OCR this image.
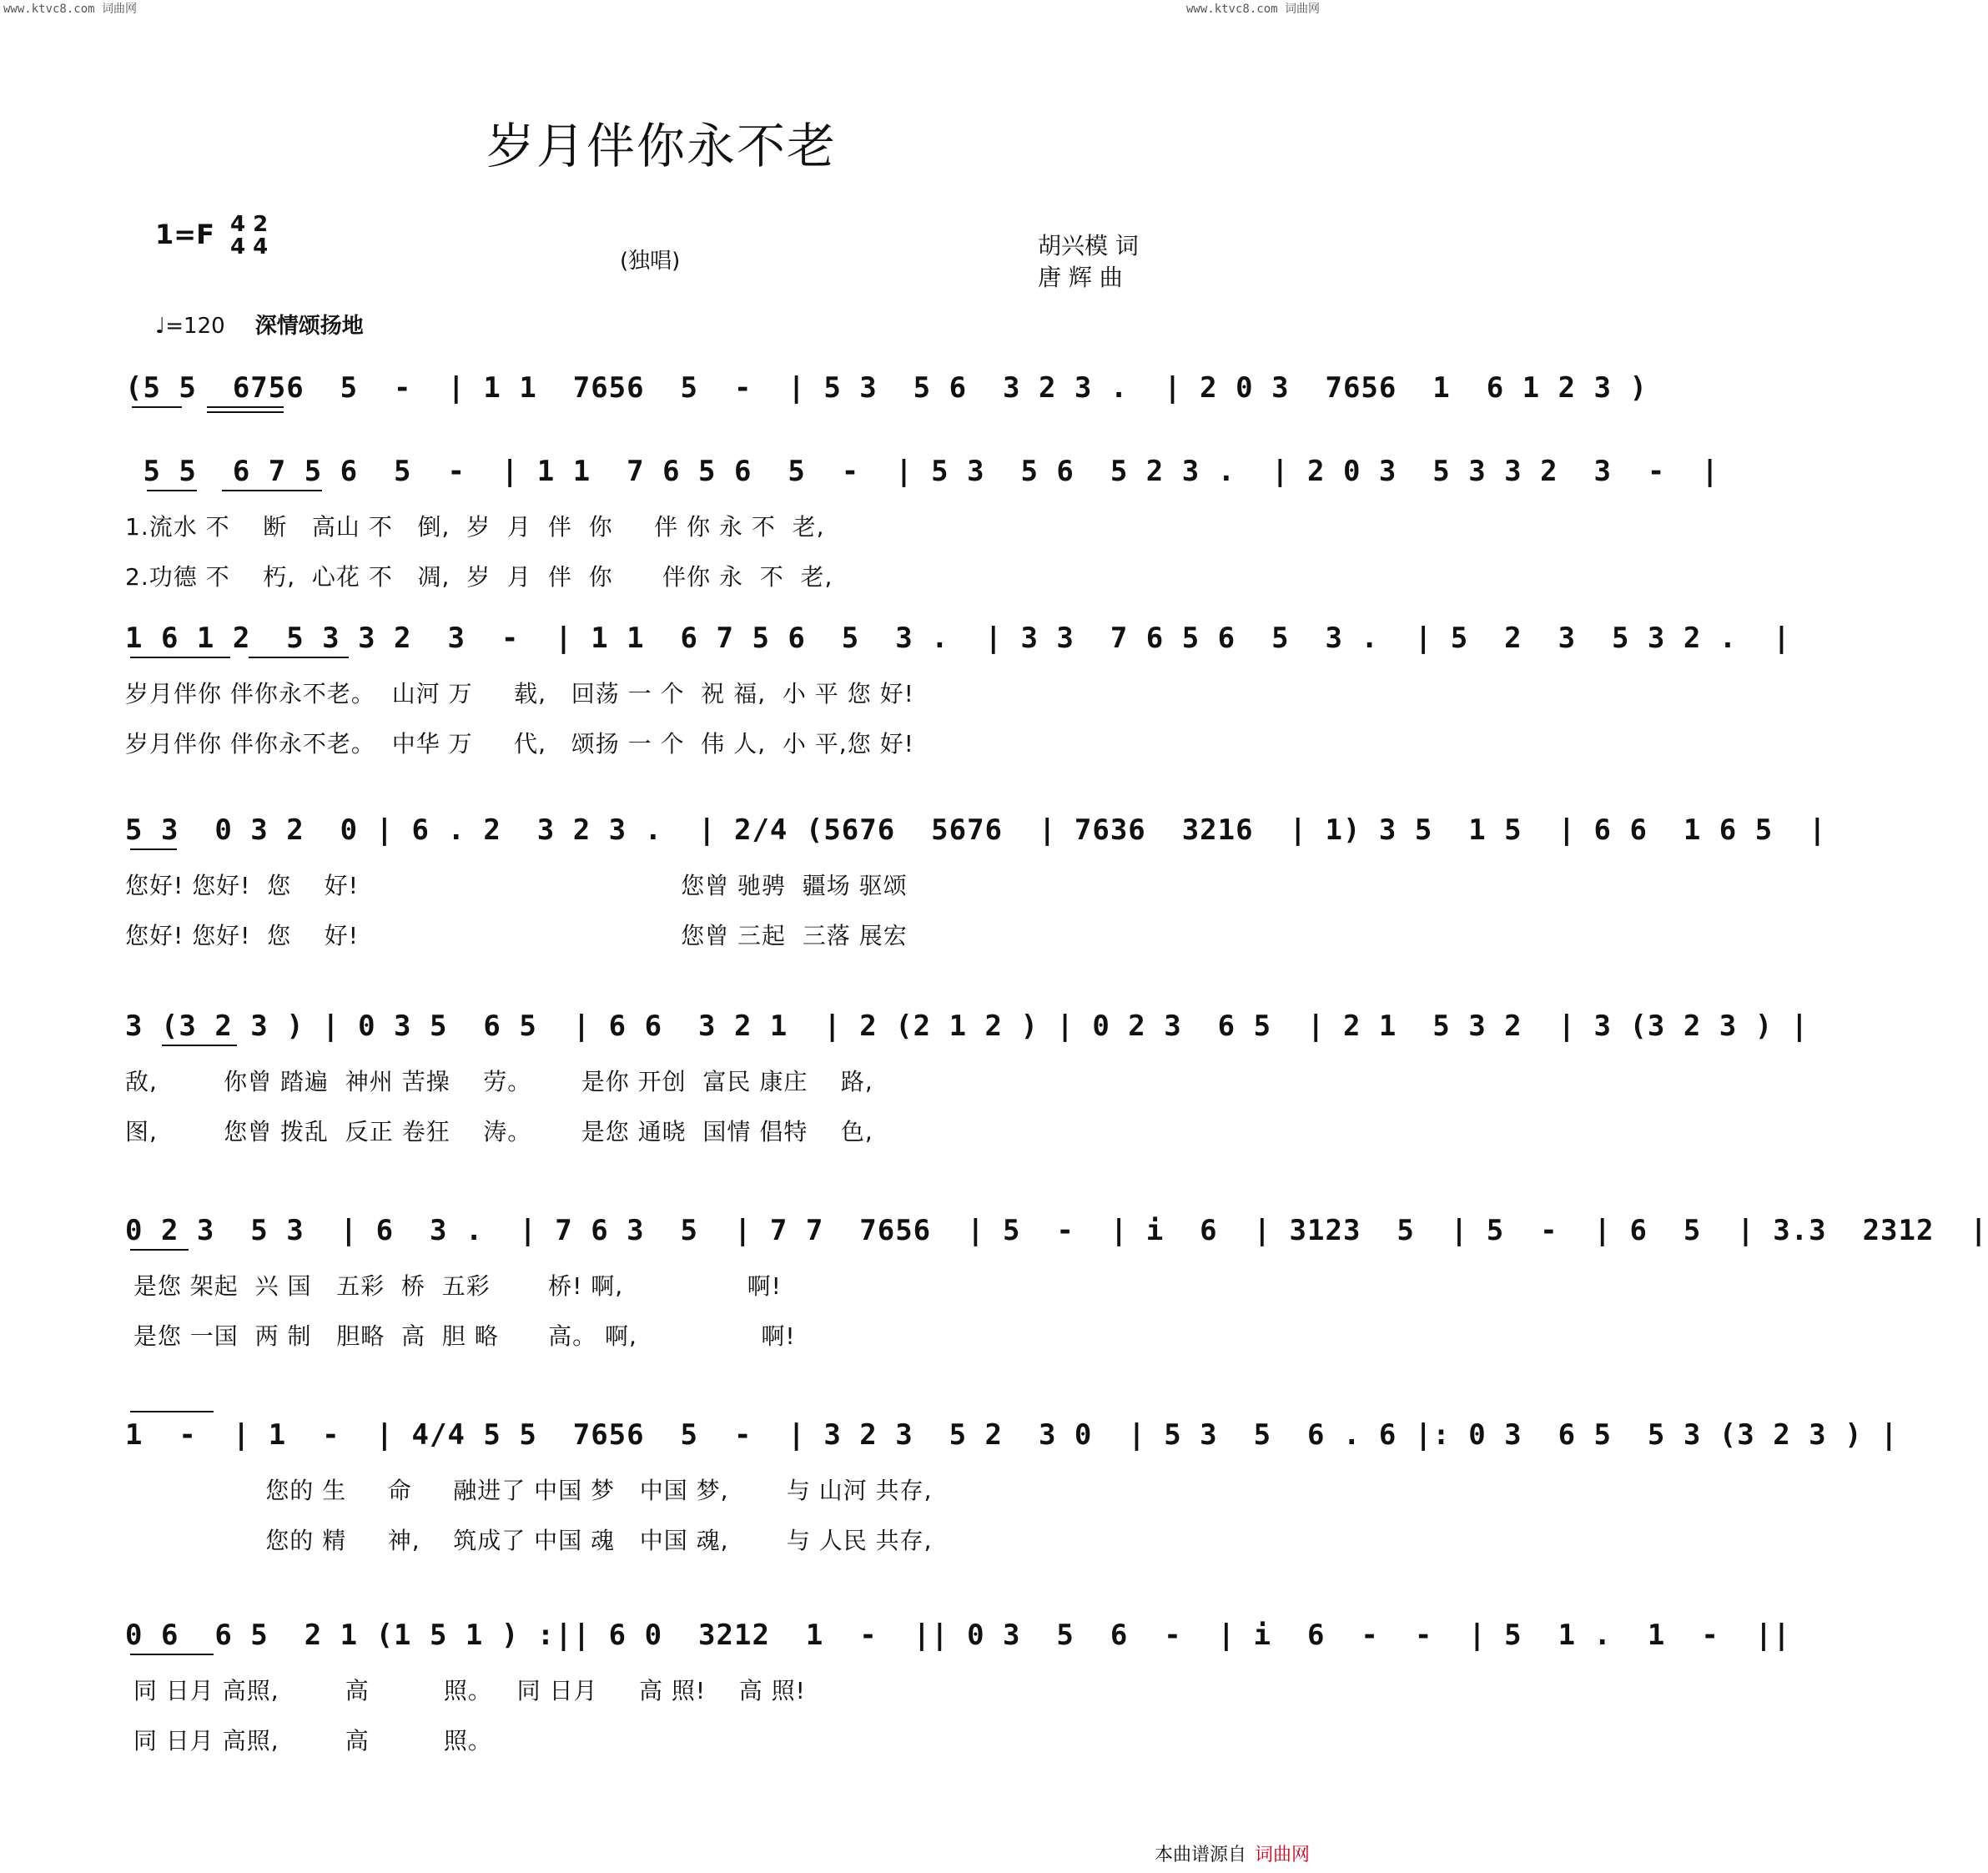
www.ktvc8.com 词曲网	www.ktvc8.com 词曲网
岁月伴你永不老
1=F 4 2
4 4
(独唱)
胡兴模 词
唐 辉 曲
♩=120 深情颂扬地
(5 5  6756  5  -  | 1 1  7656  5  -  | 5 3  5 6  3 2 3 .  | 2 0 3  7656  1  6 1 2 3 )
5 5  6 7 5 6  5  -  | 1 1  7 6 5 6  5  -  | 5 3  5 6  5 2 3 .  | 2 0 3  5 3 3 2  3  -  |
1.流水 不    断   高山 不   倒,  岁  月  伴  你     伴 你 永 不  老,
2.功德 不    朽,  心花 不   凋,  岁  月  伴  你      伴你 永  不  老,
1 6 1 2  5 3 3 2  3  -  | 1 1  6 7 5 6  5  3 .  | 3 3  7 6 5 6  5  3 .  | 5  2  3  5 3 2 .  |
岁月伴你 伴你永不老。  山河 万     载,   回荡 一 个  祝 福,  小 平 您 好!
岁月伴你 伴你永不老。  中华 万     代,   颂扬 一 个  伟 人,  小 平,您 好!
5 3  0 3 2  0 | 6 . 2  3 2 3 .  | 2/4 (5676  5676  | 7636  3216  | 1) 3 5  1 5  | 6 6  1 6 5  |
您好! 您好!  您    好!                                       您曾 驰骋  疆场 驱颂
您好! 您好!  您    好!                                       您曾 三起  三落 展宏
3 (3 2 3 ) | 0 3 5  6 5  | 6 6  3 2 1  | 2 (2 1 2 ) | 0 2 3  6 5  | 2 1  5 3 2  | 3 (3 2 3 ) |
敌,        你曾 踏遍  神州 苦操    劳。      是你 开创  富民 康庄    路,
图,        您曾 拨乱  反正 卷狂    涛。      是您 通晓  国情 倡特    色,
0 2 3  5 3  | 6  3 .  | 7 6 3  5  | 7 7  7656  | 5  -  | i  6  | 3123  5  | 5  -  | 6  5  | 3.3  2312  |
是您 架起  兴 国   五彩  桥  五彩       桥! 啊,               啊!
是您 一国  两 制   胆略  高  胆 略      高。 啊,               啊!
1  -  | 1  -  | 4/4 5 5  7656  5  -  | 3 2 3  5 2  3 0  | 5 3  5  6 . 6 |: 0 3  6 5  5 3 (3 2 3 ) |
您的 生     命     融进了 中国 梦   中国 梦,       与 山河 共存,
您的 精     神,    筑成了 中国 魂   中国 魂,       与 人民 共存,
0 6  6 5  2 1 (1 5 1 ) :|| 6 0  3212  1  -  || 0 3  5  6  -  | i  6  -  -  | 5  1 .  1  -  ||
同 日月 高照,        高         照。   同 日月     高 照!    高 照!
同 日月 高照,        高         照。
本曲谱源自 词曲网
